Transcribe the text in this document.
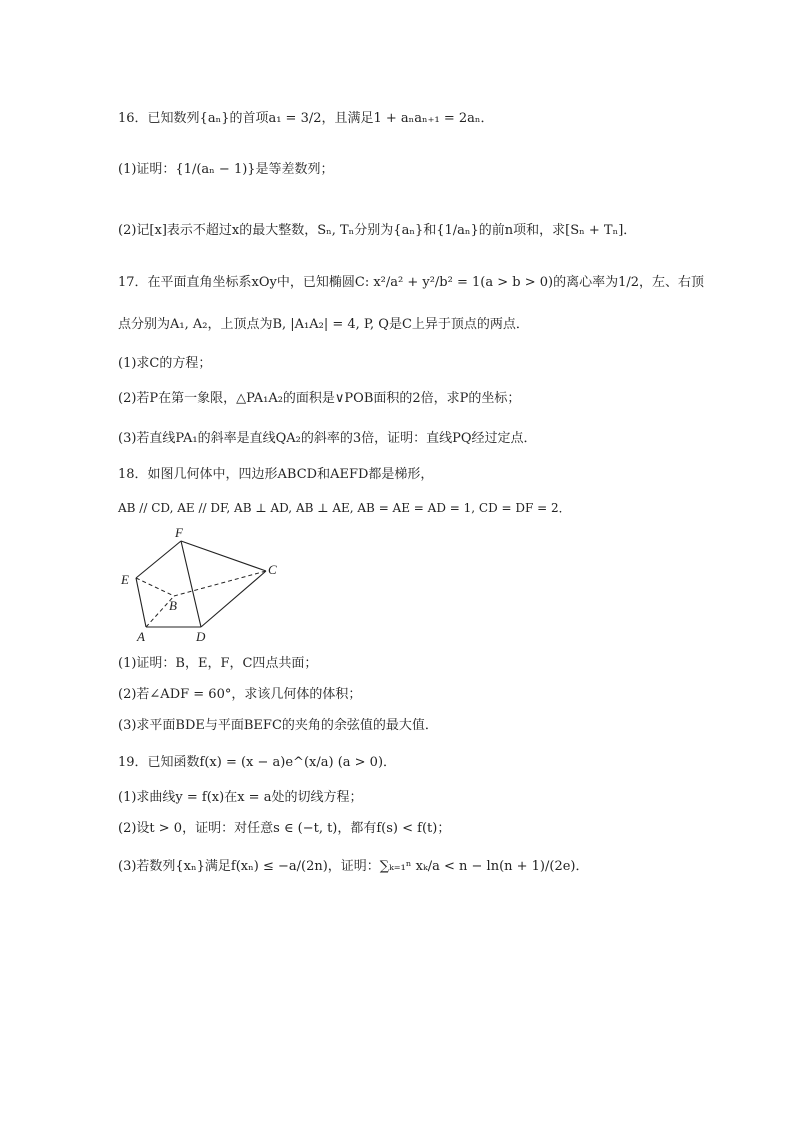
16．已知数列{aₙ}的首项a₁ = 3/2，且满足1 + aₙaₙ₊₁ = 2aₙ．
(1)证明：{1/(aₙ − 1)}是等差数列；
(2)记[x]表示不超过x的最大整数，Sₙ, Tₙ分别为{aₙ}和{1/aₙ}的前n项和，求[Sₙ + Tₙ]．
17．在平面直角坐标系xOy中，已知椭圆C: x²/a² + y²/b² = 1(a > b > 0)的离心率为1/2，左、右顶
点分别为A₁, A₂，上顶点为B, |A₁A₂| = 4, P, Q是C上异于顶点的两点．
(1)求C的方程；
(2)若P在第一象限，△PA₁A₂的面积是∨POB面积的2倍，求P的坐标；
(3)若直线PA₁的斜率是直线QA₂的斜率的3倍，证明：直线PQ经过定点．
18．如图几何体中，四边形ABCD和AEFD都是梯形，
AB // CD, AE // DF, AB ⊥ AD, AB ⊥ AE, AB = AE = AD = 1, CD = DF = 2．
F
E
C
B
A	D
(1)证明：B，E，F，C四点共面；
(2)若∠ADF = 60°，求该几何体的体积；
(3)求平面BDE与平面BEFC的夹角的余弦值的最大值．
19．已知函数f(x) = (x − a)e^(x/a) (a > 0)．
(1)求曲线y = f(x)在x = a处的切线方程；
(2)设t > 0，证明：对任意s ∈ (−t, t)，都有f(s) < f(t)；
(3)若数列{xₙ}满足f(xₙ) ≤ −a/(2n)，证明：∑ₖ₌₁ⁿ xₖ/a < n − ln(n + 1)/(2e)．
